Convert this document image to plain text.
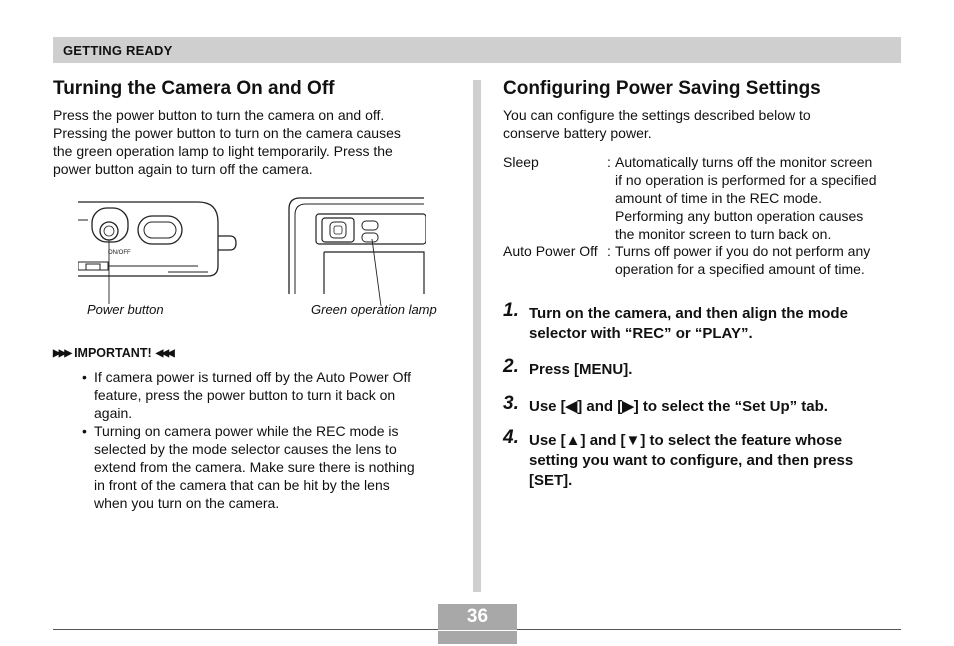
GETTING READY
Turning the Camera On and Off
Press the power button to turn the camera on and off.
Pressing the power button to turn on the camera causes
the green operation lamp to light temporarily. Press the
power button again to turn off the camera.
ON/OFF
Power button	Green operation lamp
▶▶▶ IMPORTANT! ◀◀◀
• If camera power is turned off by the Auto Power Off
feature, press the power button to turn it back on
again.
• Turning on camera power while the REC mode is
selected by the mode selector causes the lens to
extend from the camera. Make sure there is nothing
in front of the camera that can be hit by the lens
when you turn on the camera.
Configuring Power Saving Settings
You can configure the settings described below to
conserve battery power.
Sleep	: Automatically turns off the monitor screen
if no operation is performed for a specified
amount of time in the REC mode.
Performing any button operation causes
the monitor screen to turn back on.
Auto Power Off : Turns off power if you do not perform any
operation for a specified amount of time.
1. Turn on the camera, and then align the mode
selector with “REC” or “PLAY”.
2. Press [MENU].
3. Use [◀] and [▶] to select the “Set Up” tab.
4. Use [▲] and [▼] to select the feature whose
setting you want to configure, and then press
[SET].
36
